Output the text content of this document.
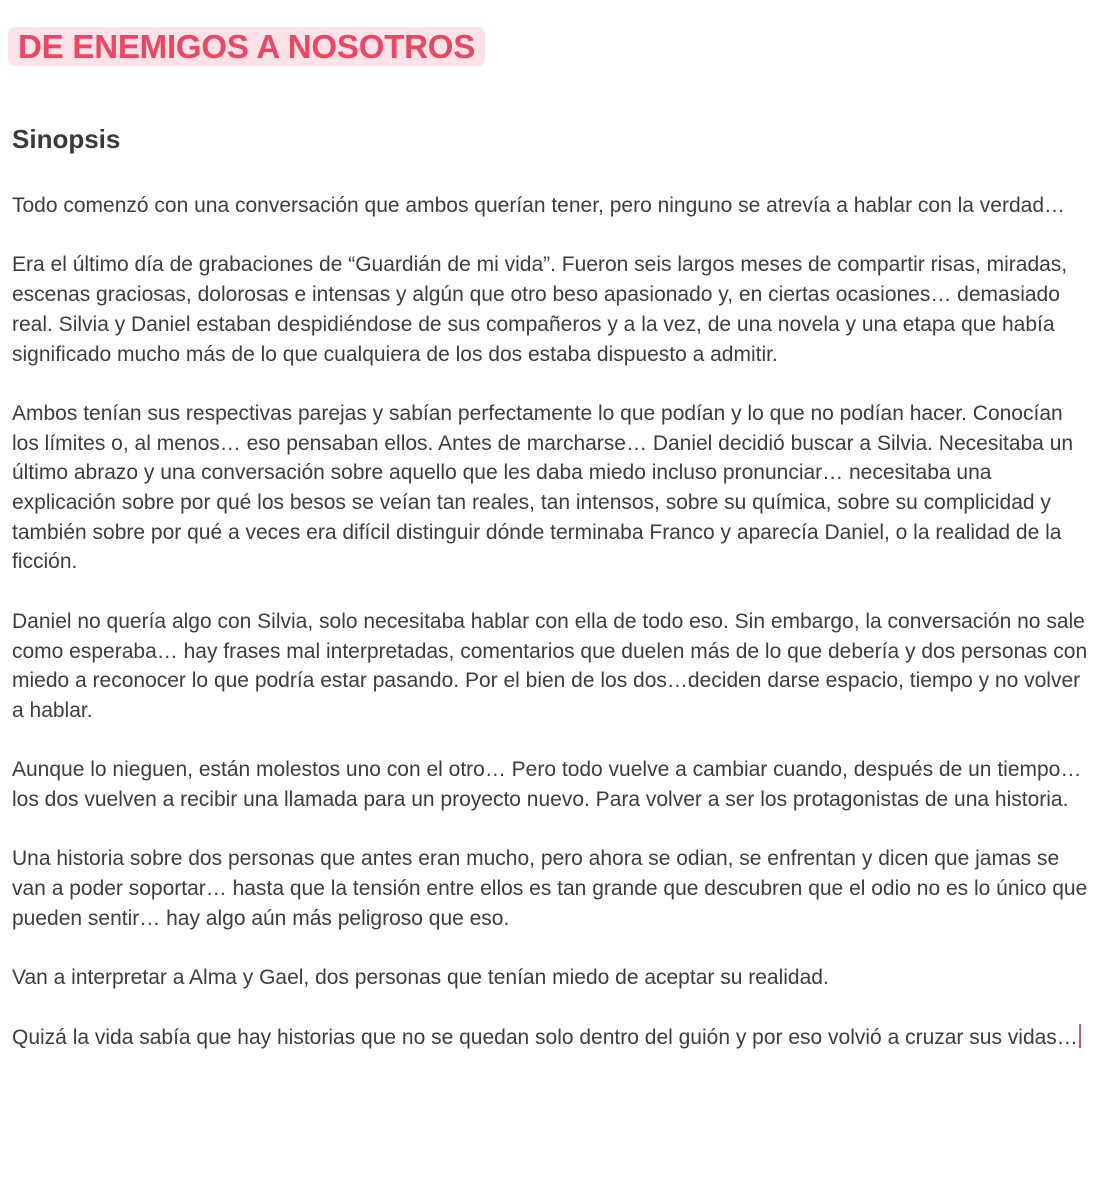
DE ENEMIGOS A NOSOTROS
Sinopsis

Todo comenzó con una conversación que ambos querían tener, pero ninguno se atrevía a hablar con la verdad…

Era el último día de grabaciones de “Guardián de mi vida”. Fueron seis largos meses de compartir risas, miradas, escenas graciosas, dolorosas e intensas y algún que otro beso apasionado y, en ciertas ocasiones… demasiado real. Silvia y Daniel estaban despidiéndose de sus compañeros y a la vez, de una novela y una etapa que había significado mucho más de lo que cualquiera de los dos estaba dispuesto a admitir.

Ambos tenían sus respectivas parejas y sabían perfectamente lo que podían y lo que no podían hacer. Conocían los límites o, al menos… eso pensaban ellos. Antes de marcharse… Daniel decidió buscar a Silvia. Necesitaba un último abrazo y una conversación sobre aquello que les daba miedo incluso pronunciar… necesitaba una explicación sobre por qué los besos se veían tan reales, tan intensos, sobre su química, sobre su complicidad y también sobre por qué a veces era difícil distinguir dónde terminaba Franco y aparecía Daniel, o la realidad de la ficción.

Daniel no quería algo con Silvia, solo necesitaba hablar con ella de todo eso. Sin embargo, la conversación no sale como esperaba… hay frases mal interpretadas, comentarios que duelen más de lo que debería y dos personas con miedo a reconocer lo que podría estar pasando. Por el bien de los dos…deciden darse espacio, tiempo y no volver a hablar.

Aunque lo nieguen, están molestos uno con el otro… Pero todo vuelve a cambiar cuando, después de un tiempo… los dos vuelven a recibir una llamada para un proyecto nuevo. Para volver a ser los protagonistas de una historia.

Una historia sobre dos personas que antes eran mucho, pero ahora se odian, se enfrentan y dicen que jamas se van a poder soportar… hasta que la tensión entre ellos es tan grande que descubren que el odio no es lo único que pueden sentir… hay algo aún más peligroso que eso.

Van a interpretar a Alma y Gael, dos personas que tenían miedo de aceptar su realidad.

Quizá la vida sabía que hay historias que no se quedan solo dentro del guión y por eso volvió a cruzar sus vidas…
